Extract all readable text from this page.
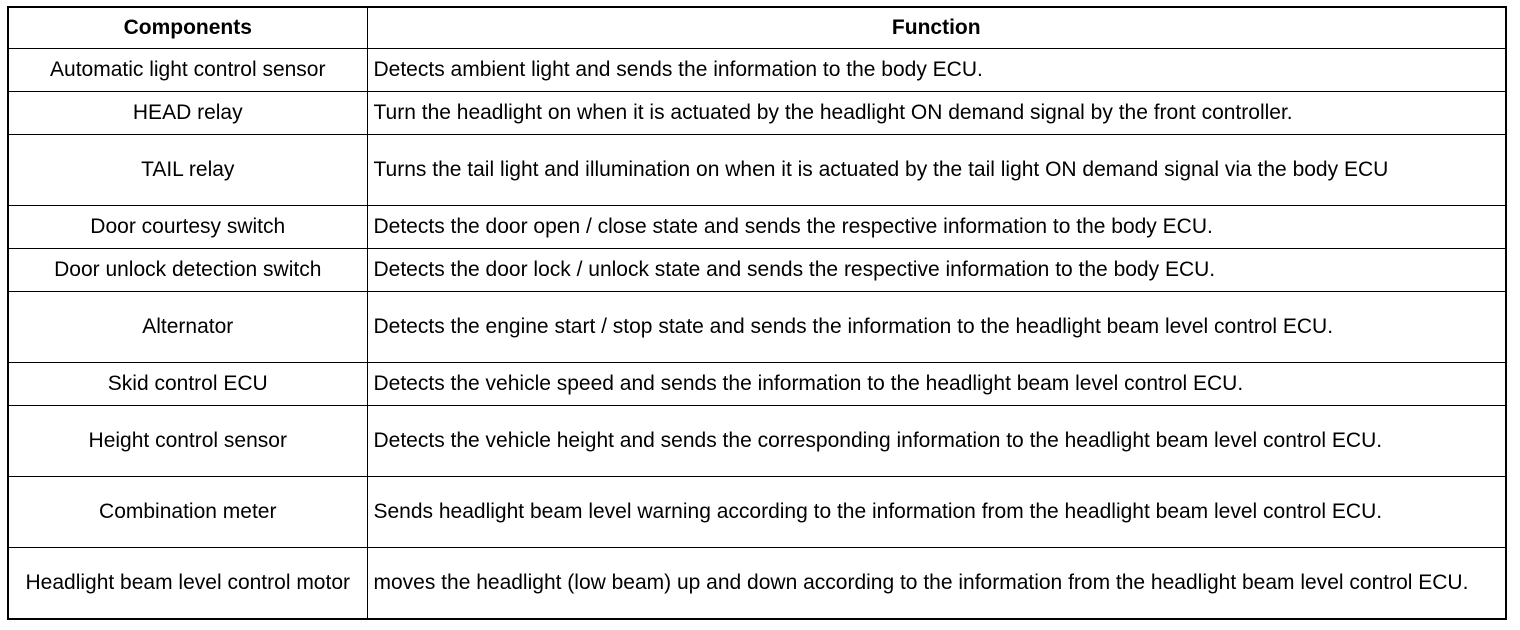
Components	Function
Automatic light control sensor	Detects ambient light and sends the information to the body ECU.
HEAD relay	Turn the headlight on when it is actuated by the headlight ON demand signal by the front controller.
TAIL relay	Turns the tail light and illumination on when it is actuated by the tail light ON demand signal via the body ECU
Door courtesy switch	Detects the door open / close state and sends the respective information to the body ECU.
Door unlock detection switch	Detects the door lock / unlock state and sends the respective information to the body ECU.
Alternator	Detects the engine start / stop state and sends the information to the headlight beam level control ECU.
Skid control ECU	Detects the vehicle speed and sends the information to the headlight beam level control ECU.
Height control sensor	Detects the vehicle height and sends the corresponding information to the headlight beam level control ECU.
Combination meter	Sends headlight beam level warning according to the information from the headlight beam level control ECU.
Headlight beam level control motor	moves the headlight (low beam) up and down according to the information from the headlight beam level control ECU.
